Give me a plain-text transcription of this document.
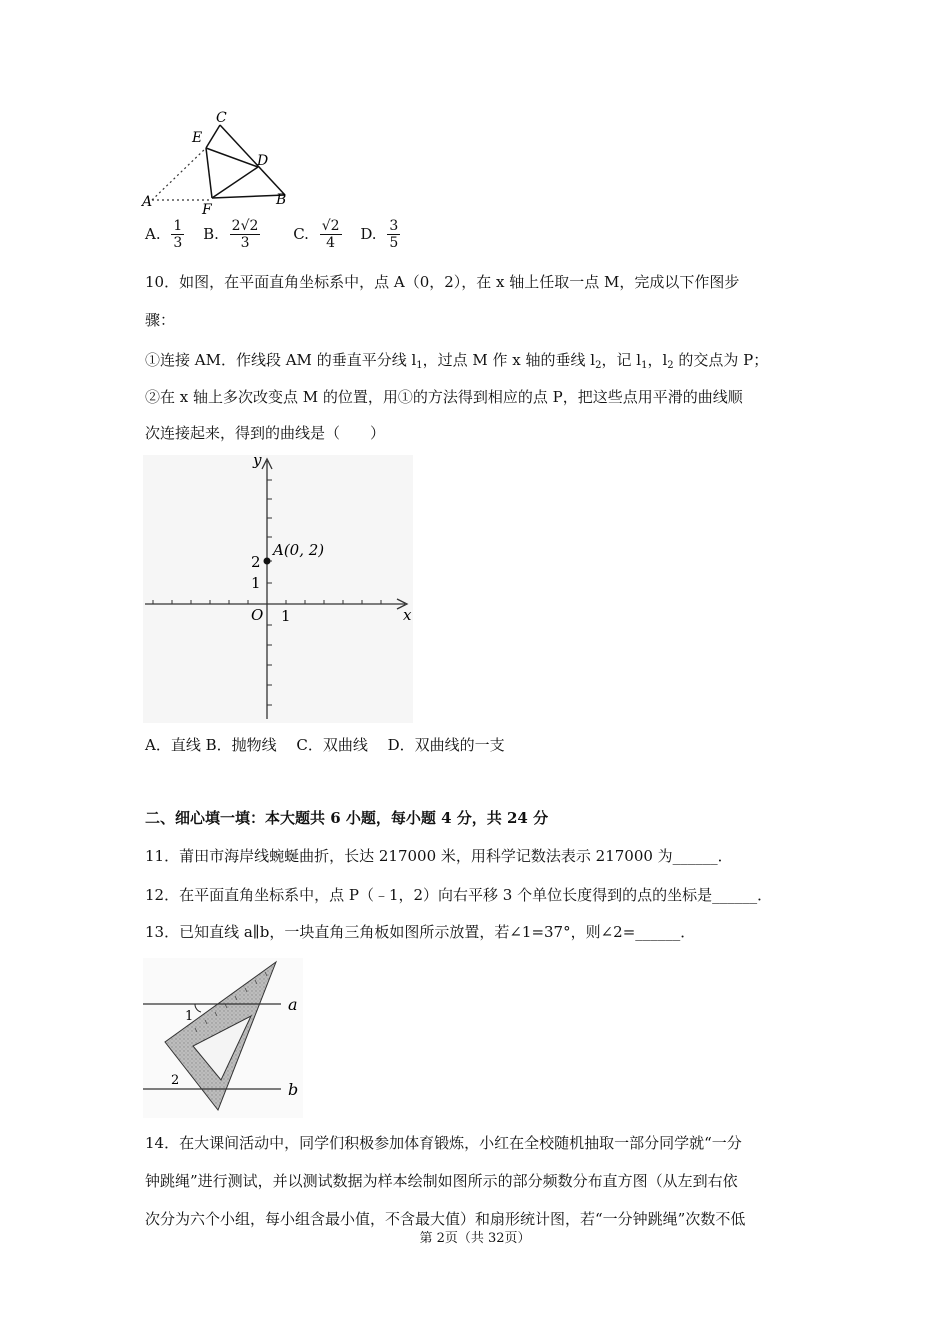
C
E
D
A	F
B
A. $\frac{1}{3} B$. $\frac{2√2}{3} C$. $\frac{√2}{4} D$. $\frac{3}{5}$
10．如图，在平面直角坐标系中，点 A（0，2），在 x 轴上任取一点 M，完成以下作图步
骤：
①连接 AM．作线段 AM 的垂直平分线 $l_1$，过点 M 作 x 轴的垂线 $l_2$，记 $l_1$，$l_2$ 的交点为 P；
②在 x 轴上多次改变点 M 的位置，用①的方法得到相应的点 P，把这些点用平滑的曲线顺
次连接起来，得到的曲线是（　　）
y
x
O 1
1
2
A(0, 2)
A．直线 B．抛物线　 C．双曲线　 D．双曲线的一支
二、细心填一填：本大题共 6 小题，每小题 4 分，共 24 分
11．莆田市海岸线蜿蜒曲折，长达 217000 米，用科学记数法表示 217000 为______．
12．在平面直角坐标系中，点 P（﹣1，2）向右平移 3 个单位长度得到的点的坐标是______．
13．已知直线 a∥b，一块直角三角板如图所示放置，若∠1=37°，则∠2=______．
a
b
1
2
14．在大课间活动中，同学们积极参加体育锻炼，小红在全校随机抽取一部分同学就“一分
钟跳绳”进行测试，并以测试数据为样本绘制如图所示的部分频数分布直方图（从左到右依
次分为六个小组，每小组含最小值，不含最大值）和扇形统计图，若“一分钟跳绳”次数不低
第 2页（共 32页）
